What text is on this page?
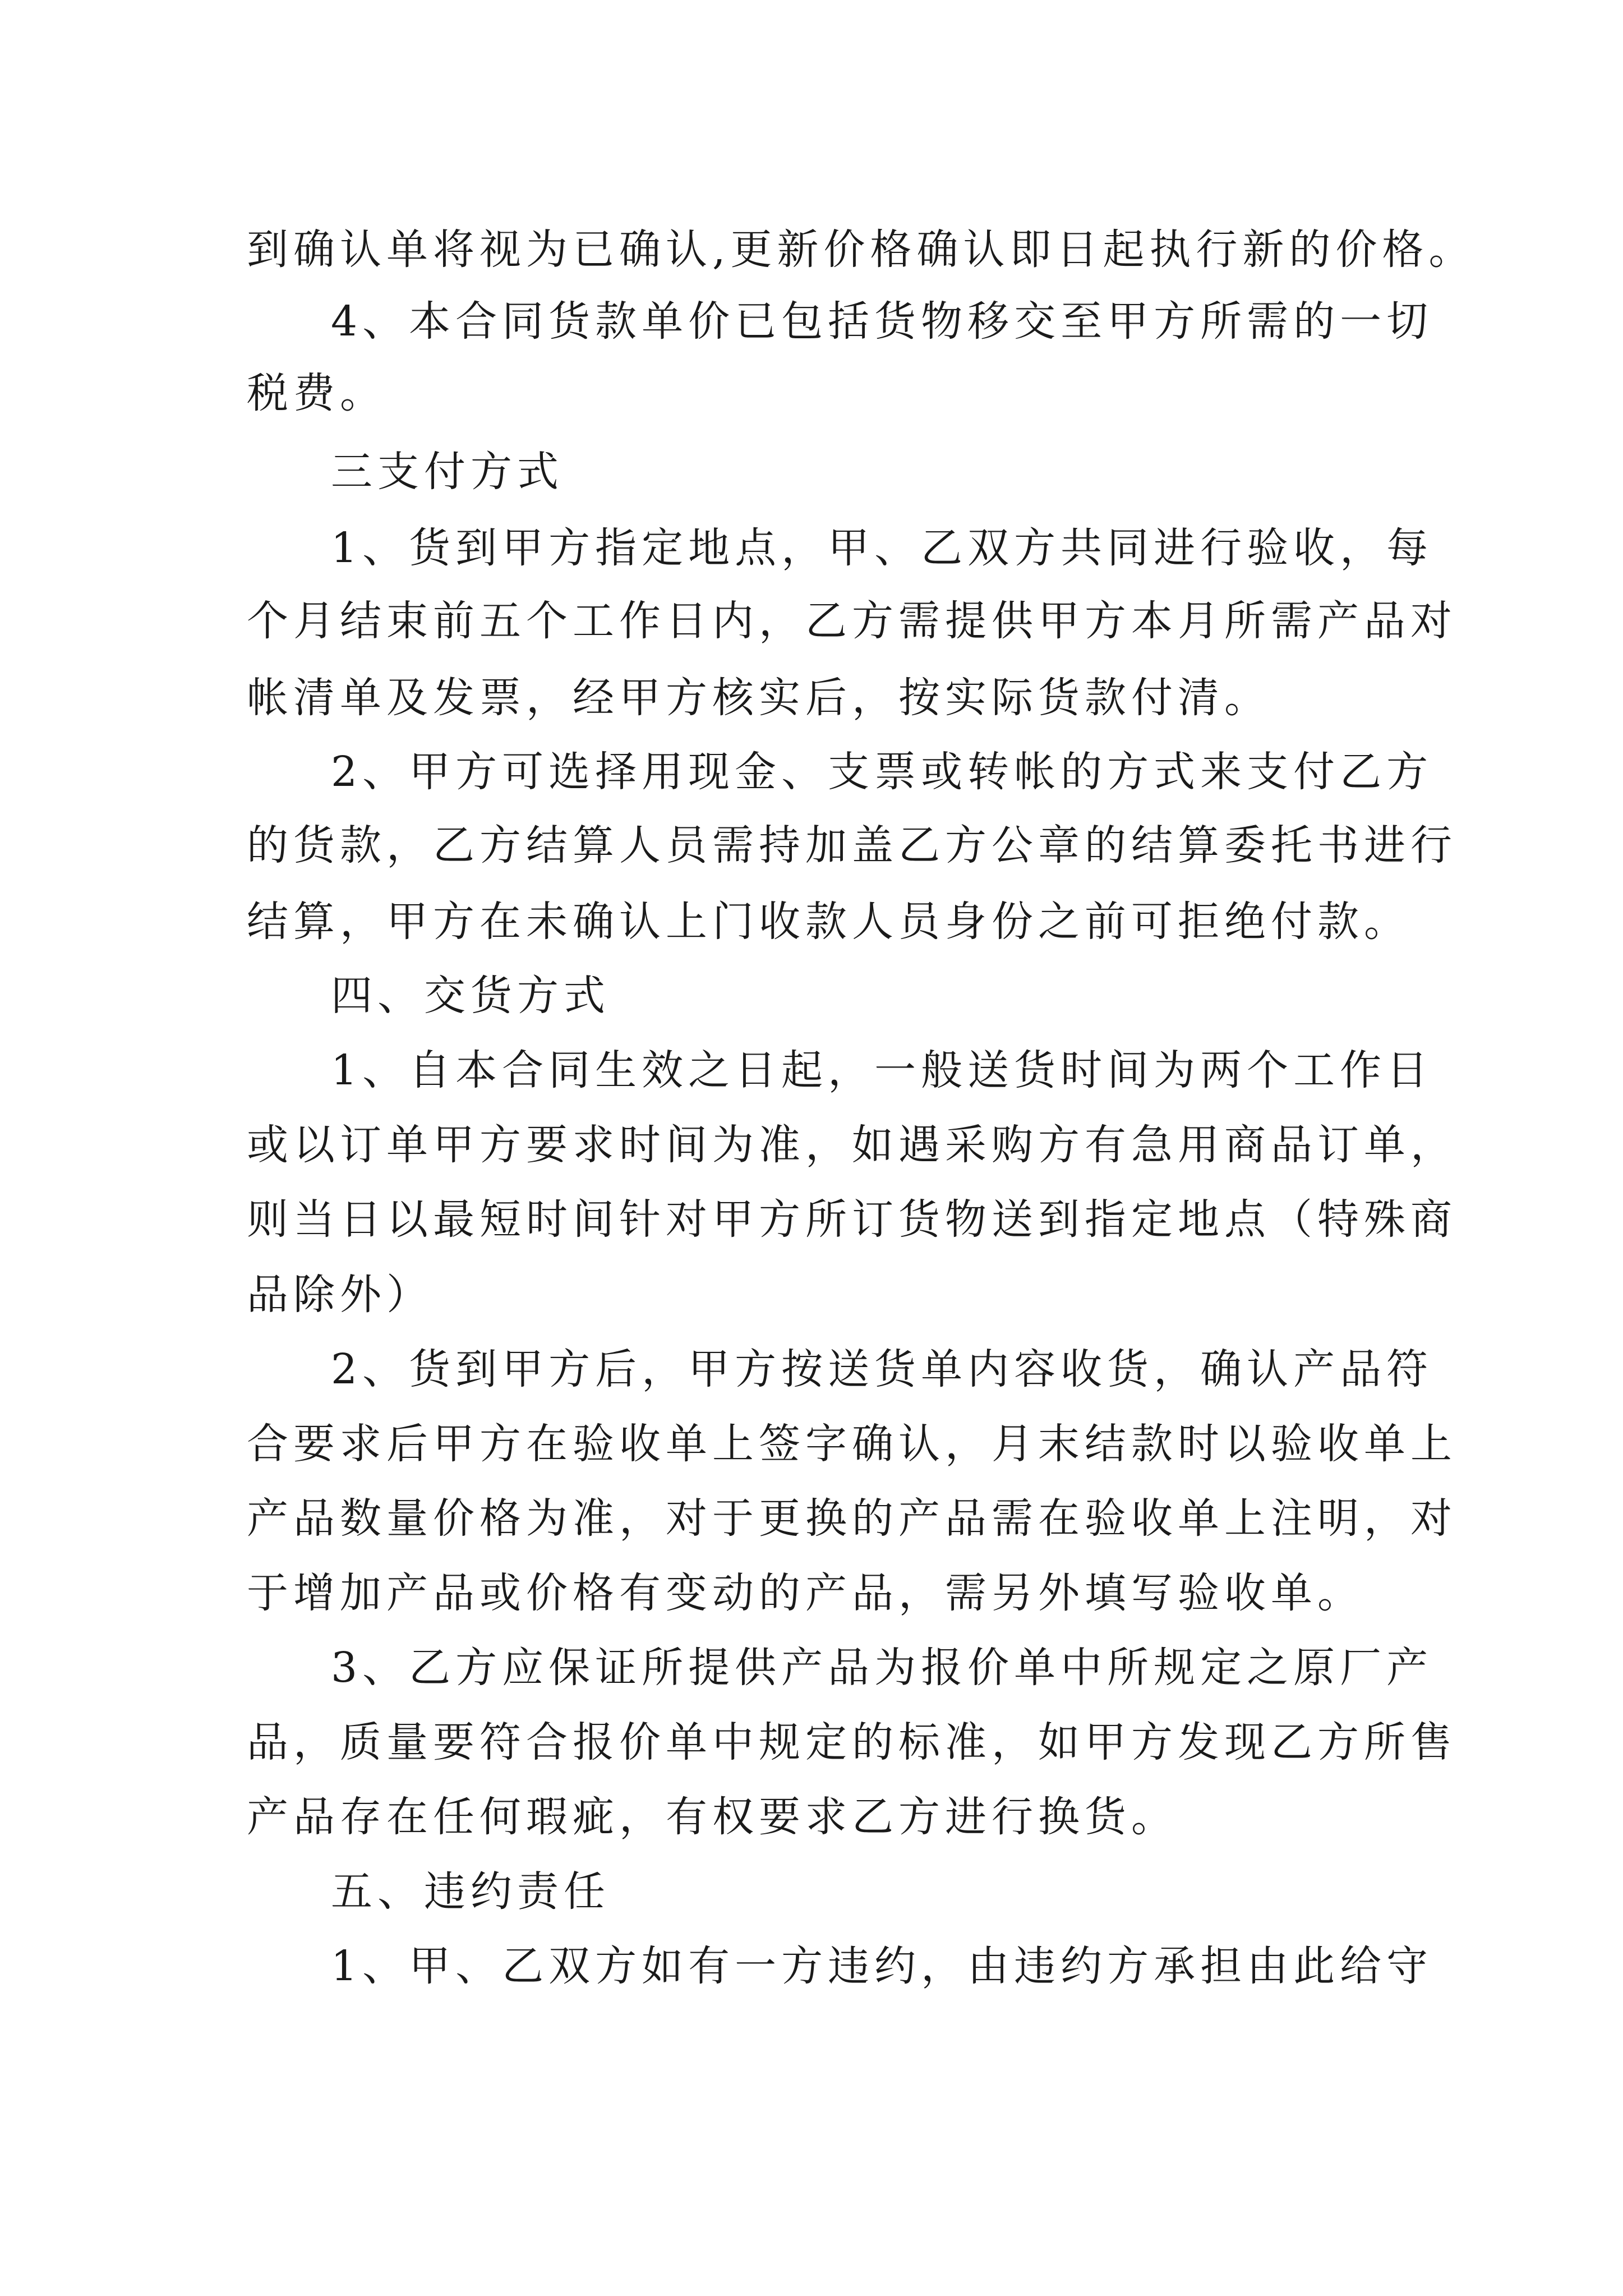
到确认单将视为已确认,更新价格确认即日起执行新的价格。
4、本合同货款单价已包括货物移交至甲方所需的一切
税费。
三支付方式
1、货到甲方指定地点，甲、乙双方共同进行验收，每
个月结束前五个工作日内，乙方需提供甲方本月所需产品对
帐清单及发票，经甲方核实后，按实际货款付清。
2、甲方可选择用现金、支票或转帐的方式来支付乙方
的货款，乙方结算人员需持加盖乙方公章的结算委托书进行
结算，甲方在未确认上门收款人员身份之前可拒绝付款。
四、交货方式
1、自本合同生效之日起，一般送货时间为两个工作日
或以订单甲方要求时间为准，如遇采购方有急用商品订单，
则当日以最短时间针对甲方所订货物送到指定地点（特殊商
品除外）
2、货到甲方后，甲方按送货单内容收货，确认产品符
合要求后甲方在验收单上签字确认，月末结款时以验收单上
产品数量价格为准，对于更换的产品需在验收单上注明，对
于增加产品或价格有变动的产品，需另外填写验收单。
3、乙方应保证所提供产品为报价单中所规定之原厂产
品，质量要符合报价单中规定的标准，如甲方发现乙方所售
产品存在任何瑕疵，有权要求乙方进行换货。
五、违约责任
1、甲、乙双方如有一方违约，由违约方承担由此给守
